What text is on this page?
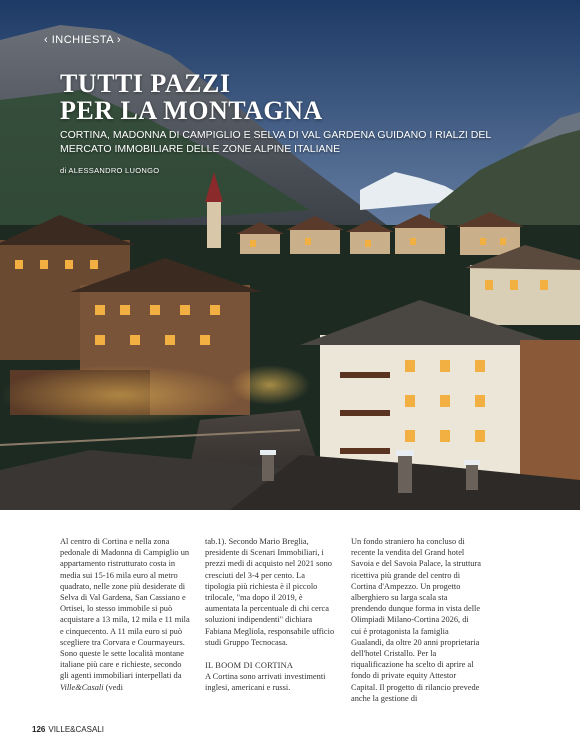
‹ INCHIESTA ›
TUTTI PAZZI
PER LA MONTAGNA

CORTINA, MADONNA DI CAMPIGLIO E SELVA DI VAL GARDENA GUIDANO I RIALZI DEL MERCATO IMMOBILIARE DELLE ZONE ALPINE ITALIANE

di ALESSANDRO LUONGO

Al centro di Cortina e nella zona pedonale di Madonna di Campiglio un appartamento ristrutturato costa in media sui 15-16 mila euro al metro quadrato, nelle zone più desiderate di Selva di Val Gardena, San Cassiano e Ortisei, lo stesso immobile si può acquistare a 13 mila, 12 mila e 11 mila e cinquecento. A 11 mila euro si può scegliere tra Corvara e Courmayeurs. Sono queste le sette località montane italiane più care e richieste, secondo gli agenti immobiliari interpellati da Ville&Casali (vedi

tab.1). Secondo Mario Breglia, presidente di Scenari Immobiliari, i prezzi medi di acquisto nel 2021 sono cresciuti del 3-4 per cento. La tipologia più richiesta è il piccolo trilocale, "ma dopo il 2019, è aumentata la percentuale di chi cerca soluzioni indipendenti" dichiara Fabiana Megliola, responsabile ufficio studi Gruppo Tecnocasa.

IL BOOM DI CORTINA

A Cortina sono arrivati investimenti inglesi, americani e russi.

Un fondo straniero ha concluso di recente la vendita del Grand hotel Savoia e del Savoia Palace, la struttura ricettiva più grande del centro di Cortina d'Ampezzo. Un progetto alberghiero su larga scala sta prendendo dunque forma in vista delle Olimpiadi Milano-Cortina 2026, di cui è protagonista la famiglia Gualandi, da oltre 20 anni proprietaria dell'hotel Cristallo. Per la riqualificazione ha scelto di aprire al fondo di private equity Attestor Capital. Il progetto di rilancio prevede anche la gestione di

126 VILLE&CASALI
